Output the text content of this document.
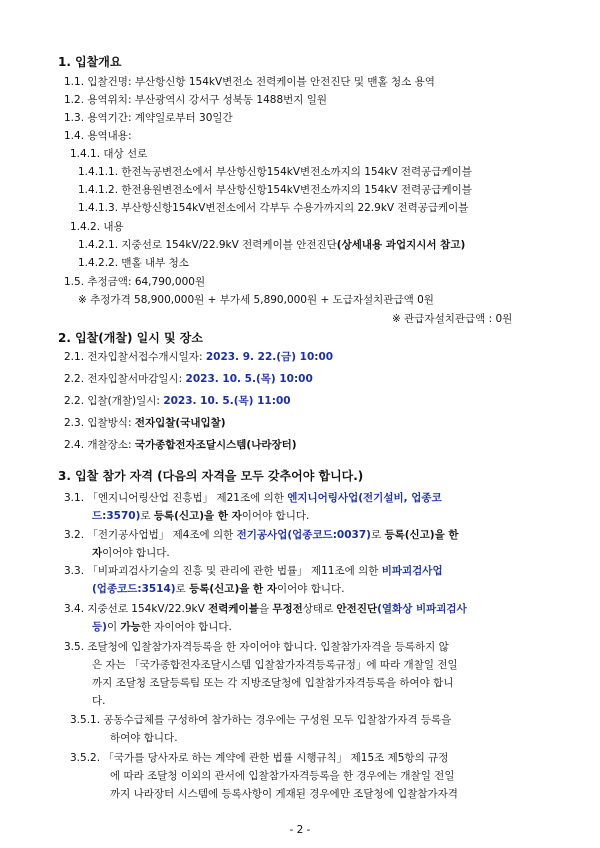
1. 입찰개요
1.1. 입찰건명: 부산항신항 154kV변전소 전력케이블 안전진단 및 맨홀 청소 용역
1.2. 용역위치: 부산광역시 강서구 성북동 1488번지 일원
1.3. 용역기간: 계약일로부터 30일간
1.4. 용역내용:
1.4.1. 대상 선로
1.4.1.1. 한전녹공변전소에서 부산항신항154kV변전소까지의 154kV 전력공급케이블
1.4.1.2. 한전용원변전소에서 부산항신항154kV변전소까지의 154kV 전력공급케이블
1.4.1.3. 부산항신항154kV변전소에서 각부두 수용가까지의 22.9kV 전력공급케이블
1.4.2. 내용
1.4.2.1. 지중선로 154kV/22.9kV 전력케이블 안전진단(상세내용 과업지시서 참고)
1.4.2.2. 맨홀 내부 청소
1.5. 추정금액: 64,790,000원
※ 추정가격 58,900,000원 + 부가세 5,890,000원 + 도급자설치관급액 0원
※ 관급자설치관급액 : 0원
2. 입찰(개찰) 일시 및 장소
2.1. 전자입찰서접수개시일자: 2023. 9. 22.(금) 10:00
2.2. 전자입찰서마감일시: 2023. 10. 5.(목) 10:00
2.2. 입찰(개찰)일시: 2023. 10. 5.(목) 11:00
2.3. 입찰방식: 전자입찰(국내입찰)
2.4. 개찰장소: 국가종합전자조달시스템(나라장터)
3. 입찰 참가 자격 (다음의 자격을 모두 갖추어야 합니다.)
3.1. 「엔지니어링산업 진흥법」 제21조에 의한 엔지니어링사업(전기설비, 업종코
드:3570)로 등록(신고)을 한 자이어야 합니다.
3.2. 「전기공사업법」 제4조에 의한 전기공사업(업종코드:0037)로 등록(신고)을 한
자이어야 합니다.
3.3. 「비파괴검사기술의 진흥 및 관리에 관한 법률」 제11조에 의한 비파괴검사업
(업종코드:3514)로 등록(신고)을 한 자이어야 합니다.
3.4. 지중선로 154kV/22.9kV 전력케이블을 무정전상태로 안전진단(열화상 비파괴검사
등)이 가능한 자이어야 합니다.
3.5. 조달청에 입찰참가자격등록을 한 자이어야 합니다. 입찰참가자격을 등록하지 않
은 자는 「국가종합전자조달시스템 입찰참가자격등록규정」에 따라 개찰일 전일
까지 조달청 조달등록팀 또는 각 지방조달청에 입찰참가자격등록을 하여야 합니
다.
3.5.1. 공동수급체를 구성하여 참가하는 경우에는 구성원 모두 입찰참가자격 등록을
하여야 합니다.
3.5.2. 「국가를 당사자로 하는 계약에 관한 법률 시행규칙」 제15조 제5항의 규정
에 따라 조달청 이외의 관서에 입찰참가자격등록을 한 경우에는 개찰일 전일
까지 나라장터 시스템에 등록사항이 게재된 경우에만 조달청에 입찰참가자격
- 2 -
